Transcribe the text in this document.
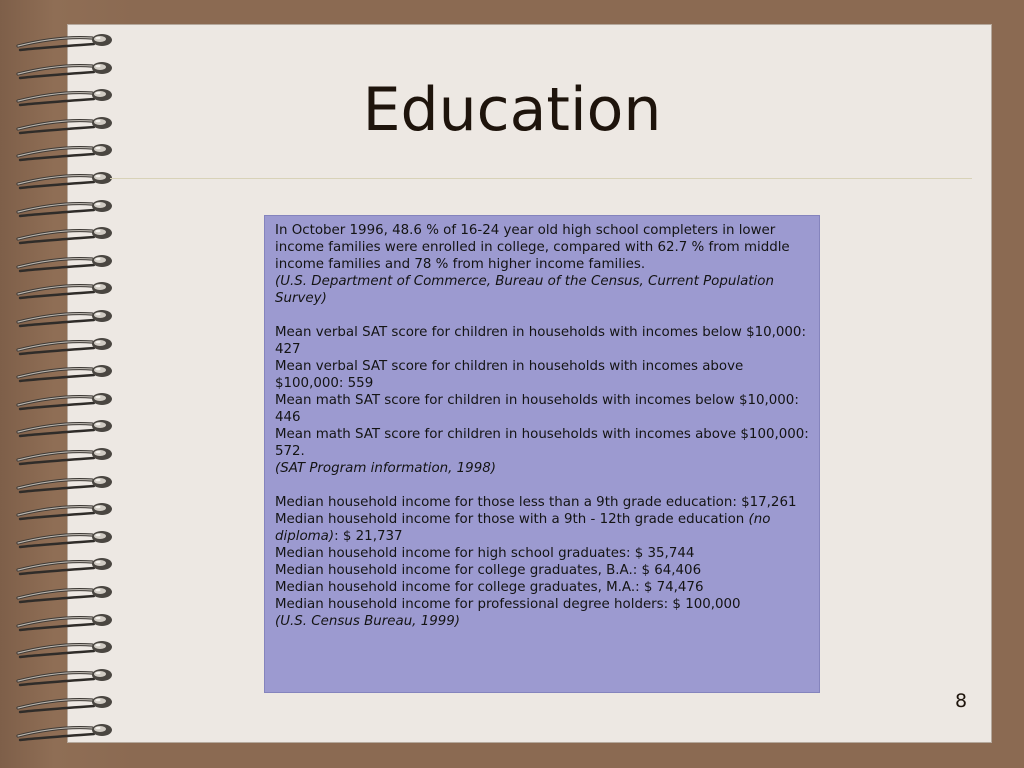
Education
In October 1996, 48.6 % of 16-24 year old high school completers in lower income families were enrolled in college, compared with 62.7 % from middle income families and 78 % from higher income families.
(U.S. Department of Commerce, Bureau of the Census, Current Population Survey)
Mean verbal SAT score for children in households with incomes below $10,000: 427
Mean verbal SAT score for children in households with incomes above $100,000: 559
Mean math SAT score for children in households with incomes below $10,000: 446
Mean math SAT score for children in households with incomes above $100,000: 572.
(SAT Program information, 1998)
Median household income for those less than a 9th grade education: $17,261
Median household income for those with a 9th - 12th grade education (no diploma): $ 21,737
Median household income for high school graduates: $ 35,744
Median household income for college graduates, B.A.: $ 64,406
Median household income for college graduates, M.A.: $ 74,476
Median household income for professional degree holders: $ 100,000
(U.S. Census Bureau, 1999)
8
